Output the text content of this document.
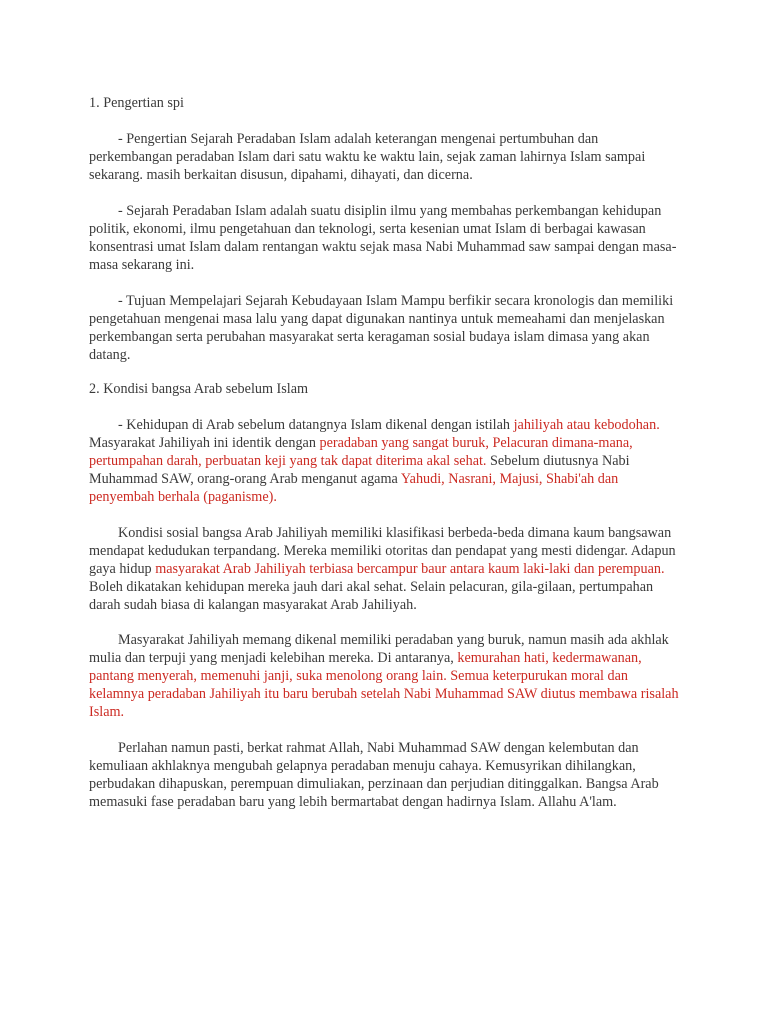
1. Pengertian spi

- Pengertian Sejarah Peradaban Islam adalah keterangan mengenai pertumbuhan dan perkembangan peradaban Islam dari satu waktu ke waktu lain, sejak zaman lahirnya Islam sampai sekarang. masih berkaitan disusun, dipahami, dihayati, dan dicerna.

- Sejarah Peradaban Islam adalah suatu disiplin ilmu yang membahas perkembangan kehidupan politik, ekonomi, ilmu pengetahuan dan teknologi, serta kesenian umat Islam di berbagai kawasan konsentrasi umat Islam dalam rentangan waktu sejak masa Nabi Muhammad saw sampai dengan masa-masa sekarang ini.

- Tujuan Mempelajari Sejarah Kebudayaan Islam Mampu berfikir secara kronologis dan memiliki pengetahuan mengenai masa lalu yang dapat digunakan nantinya untuk memeahami dan menjelaskan perkembangan serta perubahan masyarakat serta keragaman sosial budaya islam dimasa yang akan datang.

2. Kondisi bangsa Arab sebelum Islam

- Kehidupan di Arab sebelum datangnya Islam dikenal dengan istilah jahiliyah atau kebodohan. Masyarakat Jahiliyah ini identik dengan peradaban yang sangat buruk, Pelacuran dimana-mana, pertumpahan darah, perbuatan keji yang tak dapat diterima akal sehat. Sebelum diutusnya Nabi Muhammad SAW, orang-orang Arab menganut agama Yahudi, Nasrani, Majusi, Shabi'ah dan penyembah berhala (paganisme).

Kondisi sosial bangsa Arab Jahiliyah memiliki klasifikasi berbeda-beda dimana kaum bangsawan mendapat kedudukan terpandang. Mereka memiliki otoritas dan pendapat yang mesti didengar. Adapun gaya hidup masyarakat Arab Jahiliyah terbiasa bercampur baur antara kaum laki-laki dan perempuan. Boleh dikatakan kehidupan mereka jauh dari akal sehat. Selain pelacuran, gila-gilaan, pertumpahan darah sudah biasa di kalangan masyarakat Arab Jahiliyah.

Masyarakat Jahiliyah memang dikenal memiliki peradaban yang buruk, namun masih ada akhlak mulia dan terpuji yang menjadi kelebihan mereka. Di antaranya, kemurahan hati, kedermawanan, pantang menyerah, memenuhi janji, suka menolong orang lain. Semua keterpurukan moral dan kelamnya peradaban Jahiliyah itu baru berubah setelah Nabi Muhammad SAW diutus membawa risalah Islam.

Perlahan namun pasti, berkat rahmat Allah, Nabi Muhammad SAW dengan kelembutan dan kemuliaan akhlaknya mengubah gelapnya peradaban menuju cahaya. Kemusyrikan dihilangkan, perbudakan dihapuskan, perempuan dimuliakan, perzinaan dan perjudian ditinggalkan. Bangsa Arab memasuki fase peradaban baru yang lebih bermartabat dengan hadirnya Islam. Allahu A'lam.
